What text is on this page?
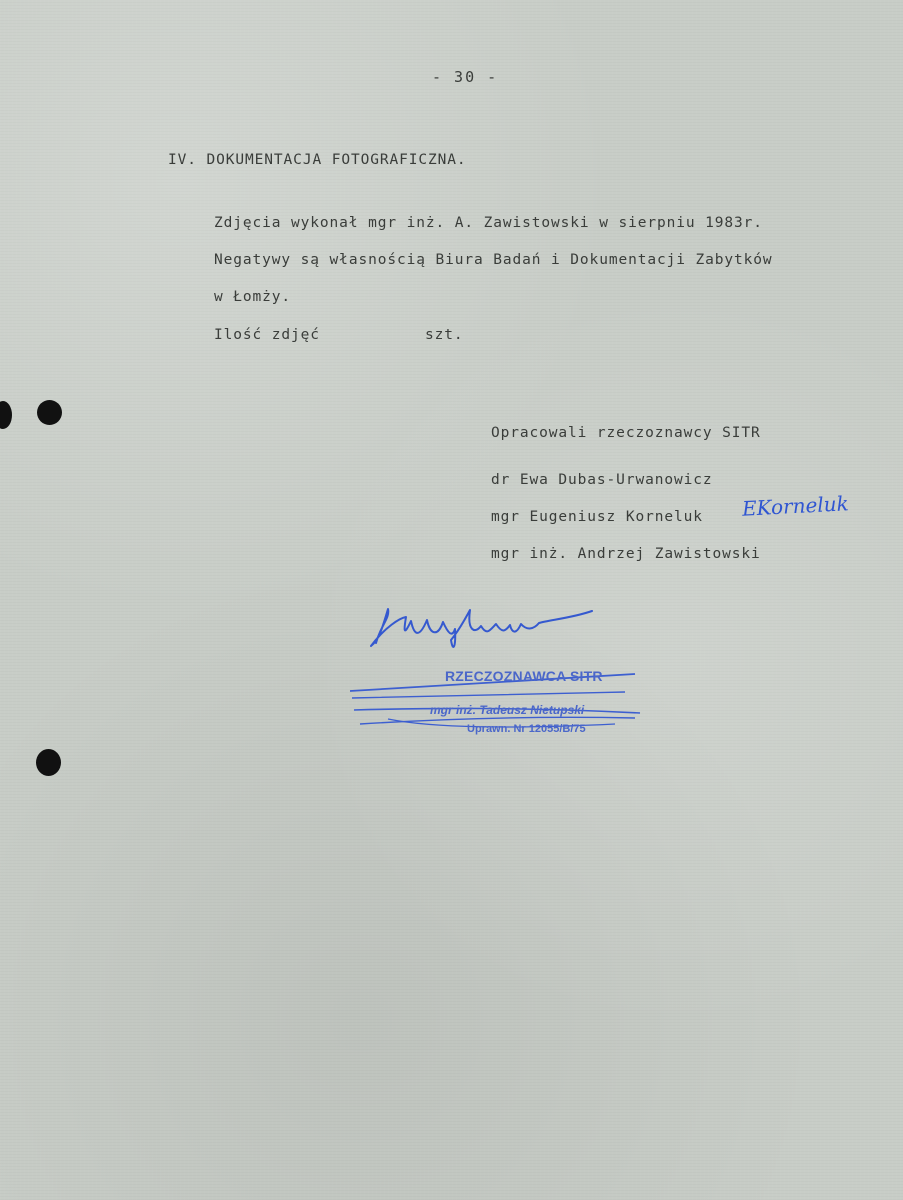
- 30 -
IV. DOKUMENTACJA FOTOGRAFICZNA.
Zdjęcia wykonał mgr inż. A. Zawistowski w sierpniu 1983r.
Negatywy są własnością Biura Badań i Dokumentacji Zabytków
w Łomży.
Ilość zdjęć	szt.
Opracowali rzeczoznawcy SITR
dr Ewa Dubas-Urwanowicz
mgr Eugeniusz Korneluk
mgr inż. Andrzej Zawistowski
EKorneluk
RZECZOZNAWCA SITR
mgr inż. Tadeusz Nietupski
Uprawn. Nr 12055/B/75
